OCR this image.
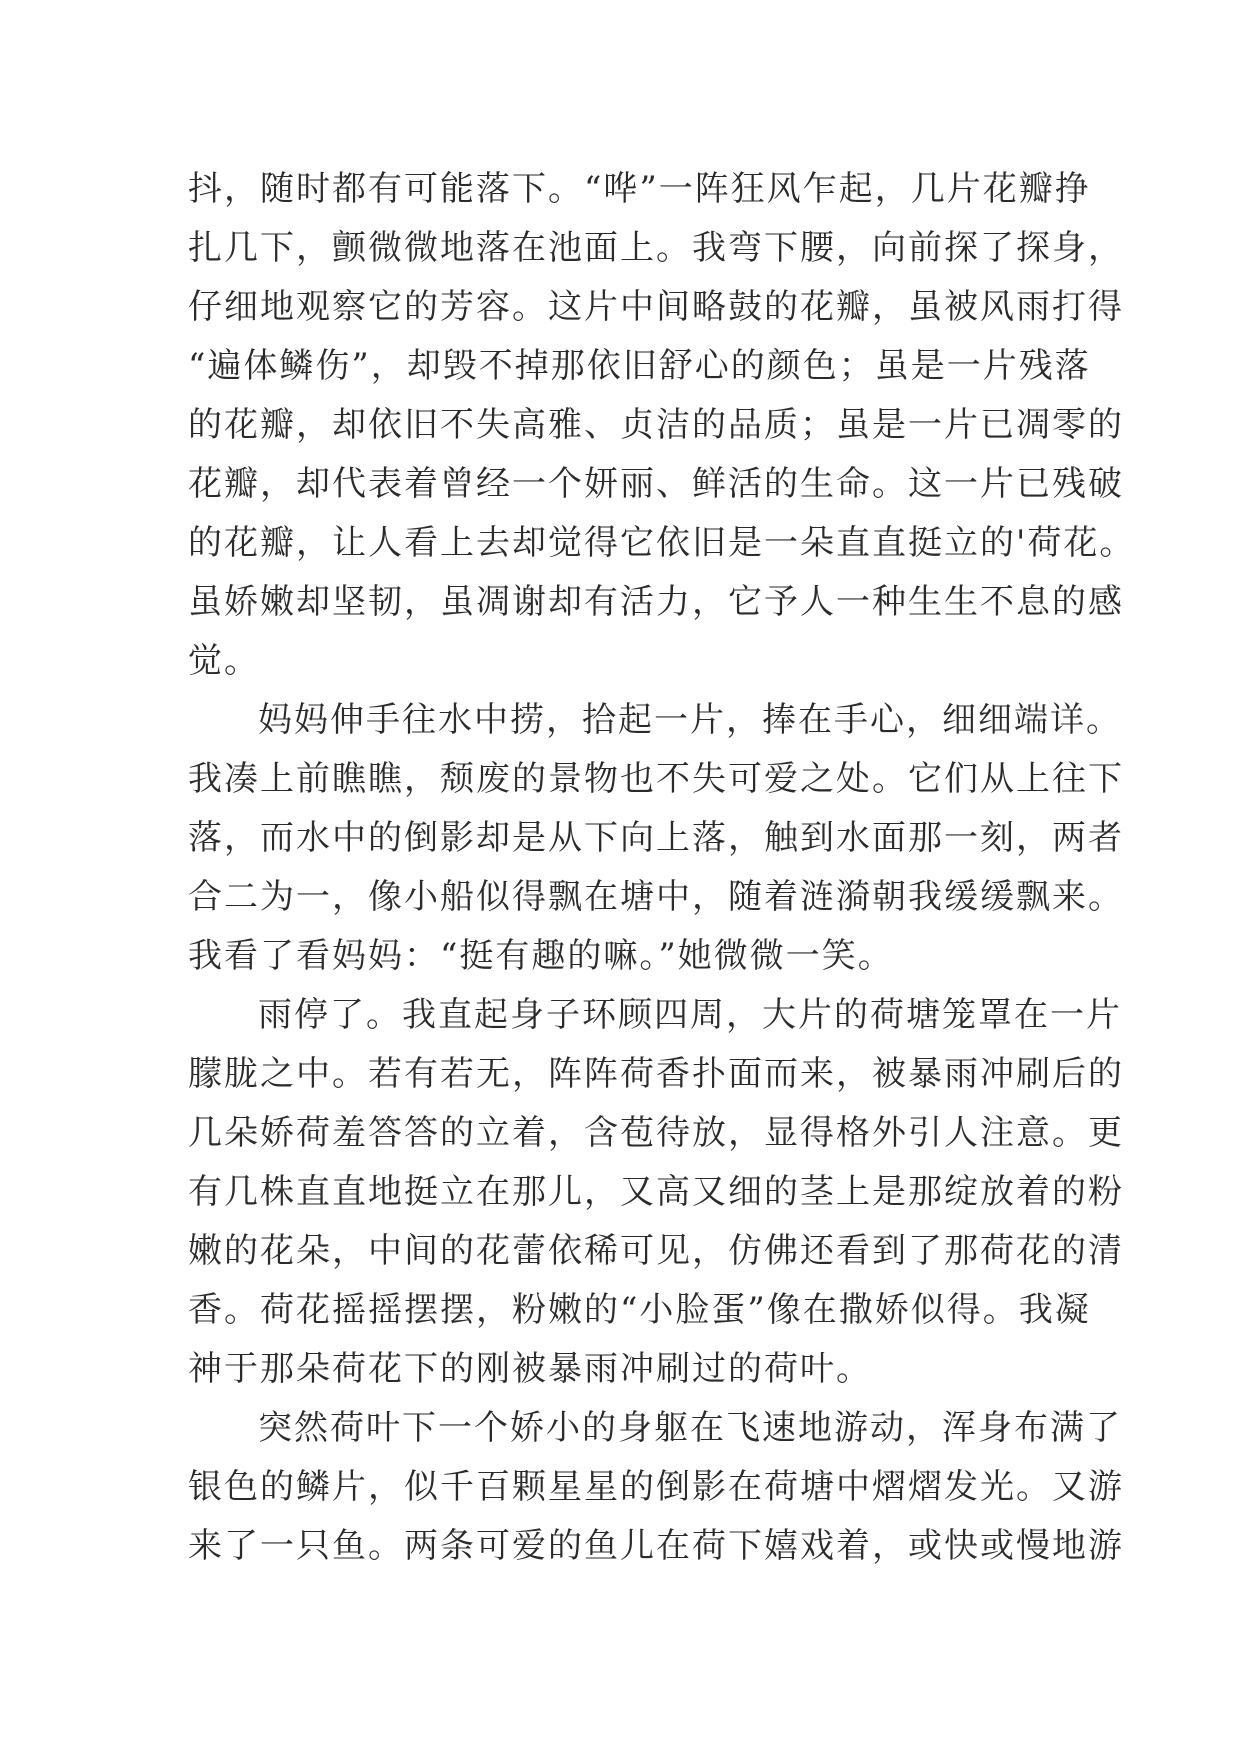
抖，随时都有可能落下。“哗”一阵狂风乍起，几片花瓣挣
扎几下，颤微微地落在池面上。我弯下腰，向前探了探身，
仔细地观察它的芳容。这片中间略鼓的花瓣，虽被风雨打得
“遍体鳞伤”，却毁不掉那依旧舒心的颜色；虽是一片残落
的花瓣，却依旧不失高雅、贞洁的品质；虽是一片已凋零的
花瓣，却代表着曾经一个妍丽、鲜活的生命。这一片已残破
的花瓣，让人看上去却觉得它依旧是一朵直直挺立的'荷花。
虽娇嫩却坚韧，虽凋谢却有活力，它予人一种生生不息的感
觉。
妈妈伸手往水中捞，拾起一片，捧在手心，细细端详。
我凑上前瞧瞧，颓废的景物也不失可爱之处。它们从上往下
落，而水中的倒影却是从下向上落，触到水面那一刻，两者
合二为一，像小船似得飘在塘中，随着涟漪朝我缓缓飘来。
我看了看妈妈：“挺有趣的嘛。”她微微一笑。
雨停了。我直起身子环顾四周，大片的荷塘笼罩在一片
朦胧之中。若有若无，阵阵荷香扑面而来，被暴雨冲刷后的
几朵娇荷羞答答的立着，含苞待放，显得格外引人注意。更
有几株直直地挺立在那儿，又高又细的茎上是那绽放着的粉
嫩的花朵，中间的花蕾依稀可见，仿佛还看到了那荷花的清
香。荷花摇摇摆摆，粉嫩的“小脸蛋”像在撒娇似得。我凝
神于那朵荷花下的刚被暴雨冲刷过的荷叶。
突然荷叶下一个娇小的身躯在飞速地游动，浑身布满了
银色的鳞片，似千百颗星星的倒影在荷塘中熠熠发光。又游
来了一只鱼。两条可爱的鱼儿在荷下嬉戏着，或快或慢地游
